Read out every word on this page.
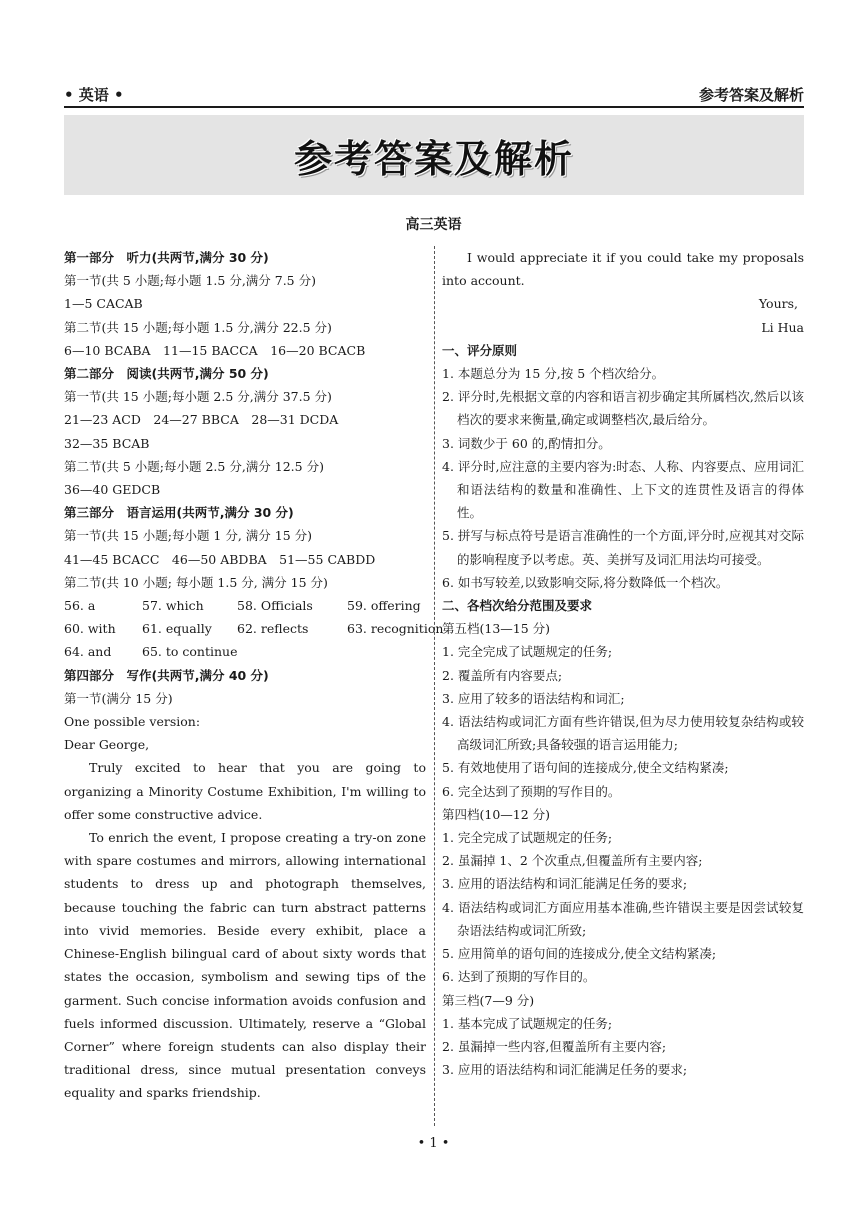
• 英语 •	参考答案及解析
参考答案及解析
高三英语
第一部分　听力(共两节,满分 30 分)
第一节(共 5 小题;每小题 1.5 分,满分 7.5 分)
1—5 CACAB
第二节(共 15 小题;每小题 1.5 分,满分 22.5 分)
6—10 BCABA　11—15 BACCA　16—20 BCACB
第二部分　阅读(共两节,满分 50 分)
第一节(共 15 小题;每小题 2.5 分,满分 37.5 分)
21—23 ACD　24—27 BBCA　28—31 DCDA
32—35 BCAB
第二节(共 5 小题;每小题 2.5 分,满分 12.5 分)
36—40 GEDCB
第三部分　语言运用(共两节,满分 30 分)
第一节(共 15 小题;每小题 1 分, 满分 15 分)
41—45 BCACC　46—50 ABDBA　51—55 CABDD
第二节(共 10 小题; 每小题 1.5 分, 满分 15 分)
56. a	57. which	58. Officials	59. offering
60. with 61. equally 62. reflects	63. recognition
64. and 65. to continue
第四部分　写作(共两节,满分 40 分)
第一节(满分 15 分)
One possible version:
Dear George,
Truly excited to hear that you are going to organizing a Minority Costume Exhibition, I'm willing to offer some constructive advice.
To enrich the event, I propose creating a try-on zone with spare costumes and mirrors, allowing international students to dress up and photograph themselves, because touching the fabric can turn abstract patterns into vivid memories. Beside every exhibit, place a Chinese-English bilingual card of about sixty words that states the occasion, symbolism and sewing tips of the garment. Such concise information avoids confusion and fuels informed discussion. Ultimately, reserve a “Global Corner” where foreign students can also display their traditional dress, since mutual presentation conveys equality and sparks friendship.
I would appreciate it if you could take my proposals into account.
Yours,
Li Hua
一、评分原则
1. 本题总分为 15 分,按 5 个档次给分。
2. 评分时,先根据文章的内容和语言初步确定其所属档次,然后以该档次的要求来衡量,确定或调整档次,最后给分。
3. 词数少于 60 的,酌情扣分。
4. 评分时,应注意的主要内容为:时态、人称、内容要点、应用词汇和语法结构的数量和准确性、上下文的连贯性及语言的得体性。
5. 拼写与标点符号是语言准确性的一个方面,评分时,应视其对交际的影响程度予以考虑。英、美拼写及词汇用法均可接受。
6. 如书写较差,以致影响交际,将分数降低一个档次。
二、各档次给分范围及要求
第五档(13—15 分)
1. 完全完成了试题规定的任务;
2. 覆盖所有内容要点;
3. 应用了较多的语法结构和词汇;
4. 语法结构或词汇方面有些许错误,但为尽力使用较复杂结构或较高级词汇所致;具备较强的语言运用能力;
5. 有效地使用了语句间的连接成分,使全文结构紧凑;
6. 完全达到了预期的写作目的。
第四档(10—12 分)
1. 完全完成了试题规定的任务;
2. 虽漏掉 1、2 个次重点,但覆盖所有主要内容;
3. 应用的语法结构和词汇能满足任务的要求;
4. 语法结构或词汇方面应用基本准确,些许错误主要是因尝试较复杂语法结构或词汇所致;
5. 应用简单的语句间的连接成分,使全文结构紧凑;
6. 达到了预期的写作目的。
第三档(7—9 分)
1. 基本完成了试题规定的任务;
2. 虽漏掉一些内容,但覆盖所有主要内容;
3. 应用的语法结构和词汇能满足任务的要求;
• 1 •
